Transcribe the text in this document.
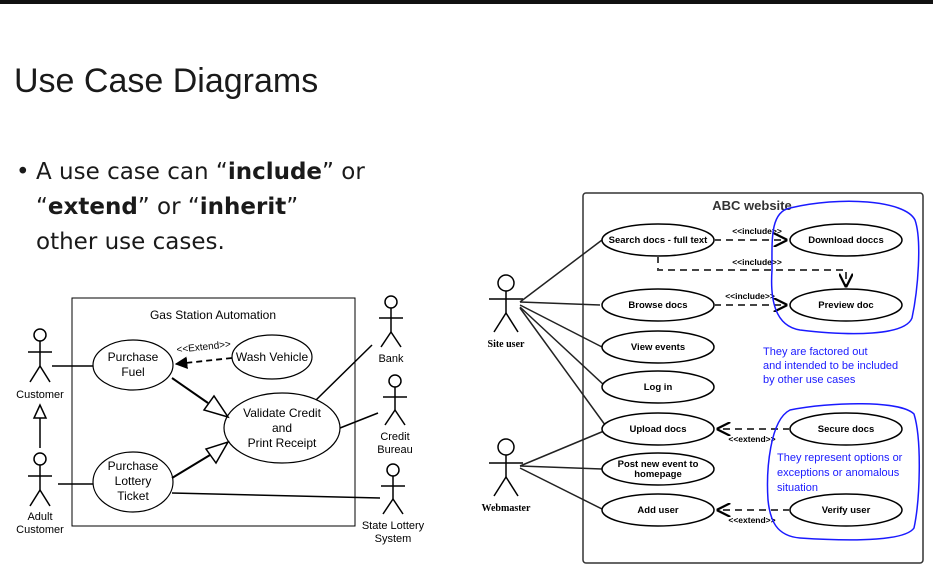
Use Case Diagrams
• A use case can “include” or
“extend” or “inherit”
other use cases.
Gas Station Automation
Customer
Adult
Customer
Bank
Credit
Bureau
State Lottery
System
Purchase
Fuel
Wash Vehicle
Validate Credit
and
Print Receipt
Purchase
Lottery
Ticket
<<Extend>>
ABC website
Site user
Webmaster
Search docs - full text	Download doccs
Browse docs	Preview doc
View events
Log in
Upload docs	Secure docs
Post new event to
homepage
Add user	Verify user
<<include>>
<<include>>
<<include>>
<<extend>>
<<extend>>
They are factored out
and intended to be included
by other use cases
They represent options or
exceptions or anomalous
situation
